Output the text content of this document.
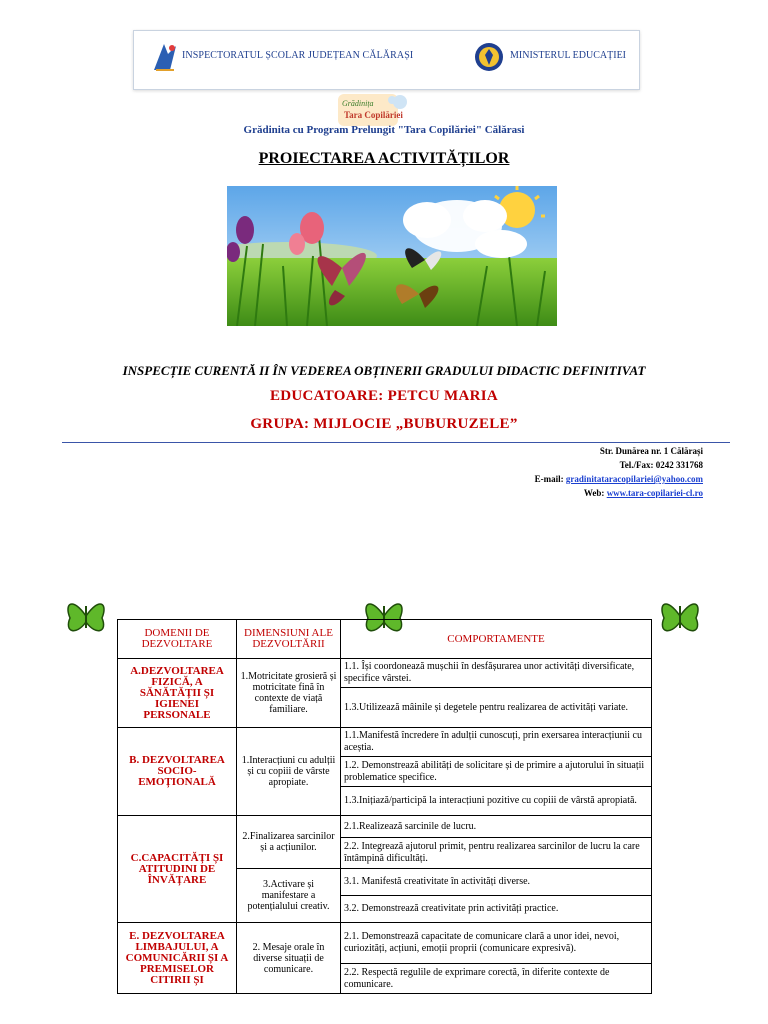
INSPECTORATUL ȘCOLAR JUDEȚEAN CĂLĂRAȘI	MINISTERUL EDUCAȚIEI
Grădinița
Tara Copilăriei
Grădinita cu Program Prelungit "Tara Copilăriei" Călărasi
PROIECTAREA ACTIVITĂȚILOR
INSPECȚIE CURENTĂ II ÎN VEDEREA OBȚINERII GRADULUI DIDACTIC DEFINITIVAT
EDUCATOARE: PETCU MARIA
GRUPA: MIJLOCIE „BUBURUZELE”
Str. Dunărea nr. 1 Călărași
Tel./Fax: 0242 331768
E-mail: gradinitataracopilariei@yahoo.com
Web: www.tara-copilariei-cl.ro
DOMENII DE DEZVOLTARE	DIMENSIUNI ALE DEZVOLTĂRII	COMPORTAMENTE
A.DEZVOLTAREA FIZICĂ, A SĂNĂTĂȚII ȘI IGIENEI PERSONALE	1.Motricitate grosieră și motricitate fină în contexte de viață familiare.	1.1. Își coordonează mușchii în desfășurarea unor activități diversificate, specifice vârstei.
		1.3.Utilizează mâinile și degetele pentru realizarea de activități variate.
B. DEZVOLTAREA SOCIO-EMOȚIONALĂ	1.Interacțiuni cu adulții și cu copiii de vârste apropiate.	1.1.Manifestă încredere în adulții cunoscuți, prin exersarea interacțiunii cu aceștia.
		1.2. Demonstrează abilități de solicitare și de primire a ajutorului în situații problematice specifice.
		1.3.Inițiază/participă la interacțiuni pozitive cu copiii de vârstă apropiată.
C.CAPACITĂȚI ȘI ATITUDINI DE ÎNVĂȚARE	2.Finalizarea sarcinilor și a acțiunilor.	2.1.Realizează sarcinile de lucru.
		2.2. Integrează ajutorul primit, pentru realizarea sarcinilor de lucru la care întâmpină dificultăți.
	3.Activare și manifestare a potențialului creativ.	3.1. Manifestă creativitate în activități diverse.
		3.2. Demonstrează creativitate prin activități practice.
E. DEZVOLTAREA LIMBAJULUI, A COMUNICĂRII ȘI A PREMISELOR CITIRII ȘI	2. Mesaje orale în diverse situații de comunicare.	2.1. Demonstrează capacitate de comunicare clară a unor idei, nevoi, curiozități, acțiuni, emoții proprii (comunicare expresivă).
		2.2. Respectă regulile de exprimare corectă, în diferite contexte de comunicare.
